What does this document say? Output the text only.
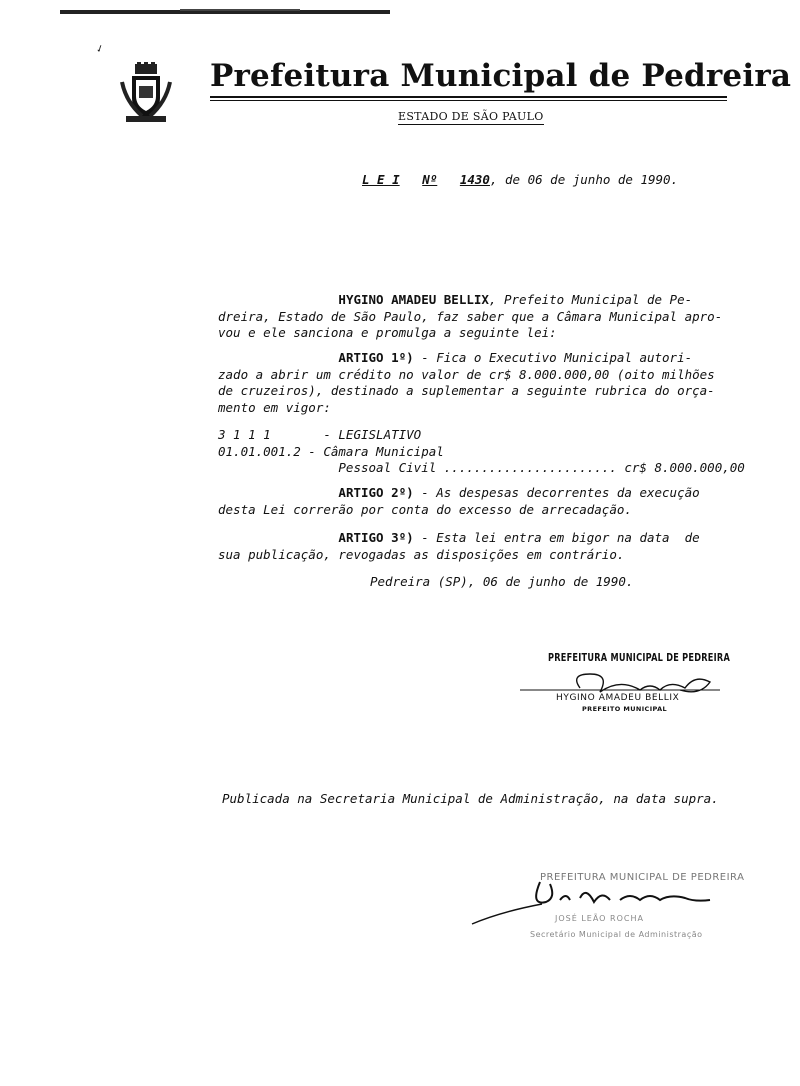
✓
Prefeitura Municipal de Pedreira
ESTADO DE SÃO PAULO
L E I Nº 1430, de 06 de junho de 1990.
HYGINO AMADEU BELLIX, Prefeito Municipal de Pe-
dreira, Estado de São Paulo, faz saber que a Câmara Municipal apro-
vou e ele sanciona e promulga a seguinte lei:
ARTIGO 1º) - Fica o Executivo Municipal autori-
zado a abrir um crédito no valor de cr$ 8.000.000,00 (oito milhões
de cruzeiros), destinado a suplementar a seguinte rubrica do orça-
mento em vigor:
3 1 1 1       - LEGISLATIVO
01.01.001.2 - Câmara Municipal
Pessoal Civil ....................... cr$ 8.000.000,00
ARTIGO 2º) - As despesas decorrentes da execução
desta Lei correrão por conta do excesso de arrecadação.
ARTIGO 3º) - Esta lei entra em bigor na data  de
sua publicação, revogadas as disposições em contrário.
Pedreira (SP), 06 de junho de 1990.
PREFEITURA MUNICIPAL DE PEDREIRA
HYGINO AMADEU BELLIX
PREFEITO MUNICIPAL
Publicada na Secretaria Municipal de Administração, na data supra.
PREFEITURA MUNICIPAL DE PEDREIRA
JOSÉ LEÃO ROCHA
Secretário Municipal de Administração
